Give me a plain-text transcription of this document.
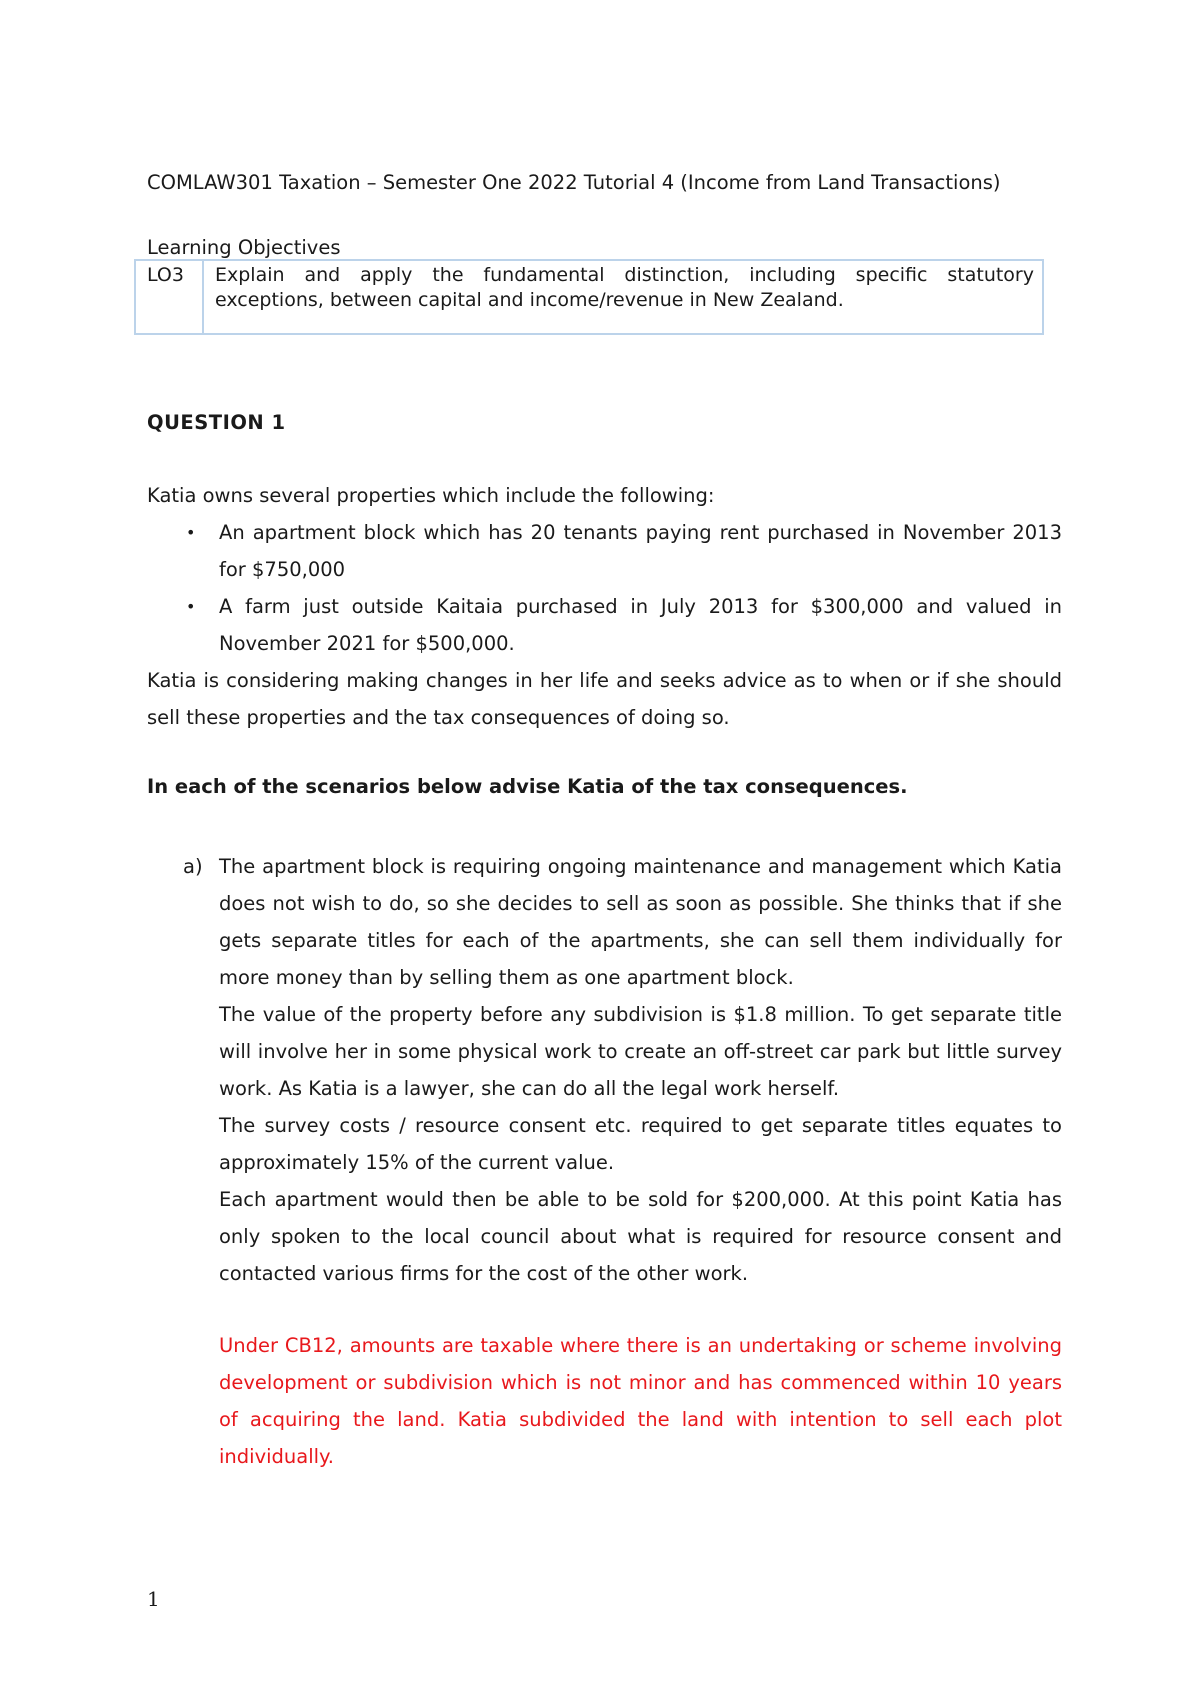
COMLAW301 Taxation – Semester One 2022 Tutorial 4 (Income from Land Transactions)
Learning Objectives
LO3	Explain and apply the fundamental distinction, including specific statutory exceptions, between capital and income/revenue in New Zealand.
QUESTION 1
Katia owns several properties which include the following:
• An apartment block which has 20 tenants paying rent purchased in November 2013 for $750,000
• A farm just outside Kaitaia purchased in July 2013 for $300,000 and valued in November 2021 for $500,000.
Katia is considering making changes in her life and seeks advice as to when or if she should sell these properties and the tax consequences of doing so.
In each of the scenarios below advise Katia of the tax consequences.
a) The apartment block is requiring ongoing maintenance and management which Katia does not wish to do, so she decides to sell as soon as possible. She thinks that if she gets separate titles for each of the apartments, she can sell them individually for more money than by selling them as one apartment block.

The value of the property before any subdivision is $1.8 million. To get separate title will involve her in some physical work to create an off-street car park but little survey work. As Katia is a lawyer, she can do all the legal work herself.

The survey costs / resource consent etc. required to get separate titles equates to approximately 15% of the current value.

Each apartment would then be able to be sold for $200,000. At this point Katia has only spoken to the local council about what is required for resource consent and contacted various firms for the cost of the other work.

Under CB12, amounts are taxable where there is an undertaking or scheme involving development or subdivision which is not minor and has commenced within 10 years of acquiring the land. Katia subdivided the land with intention to sell each plot individually.
1
